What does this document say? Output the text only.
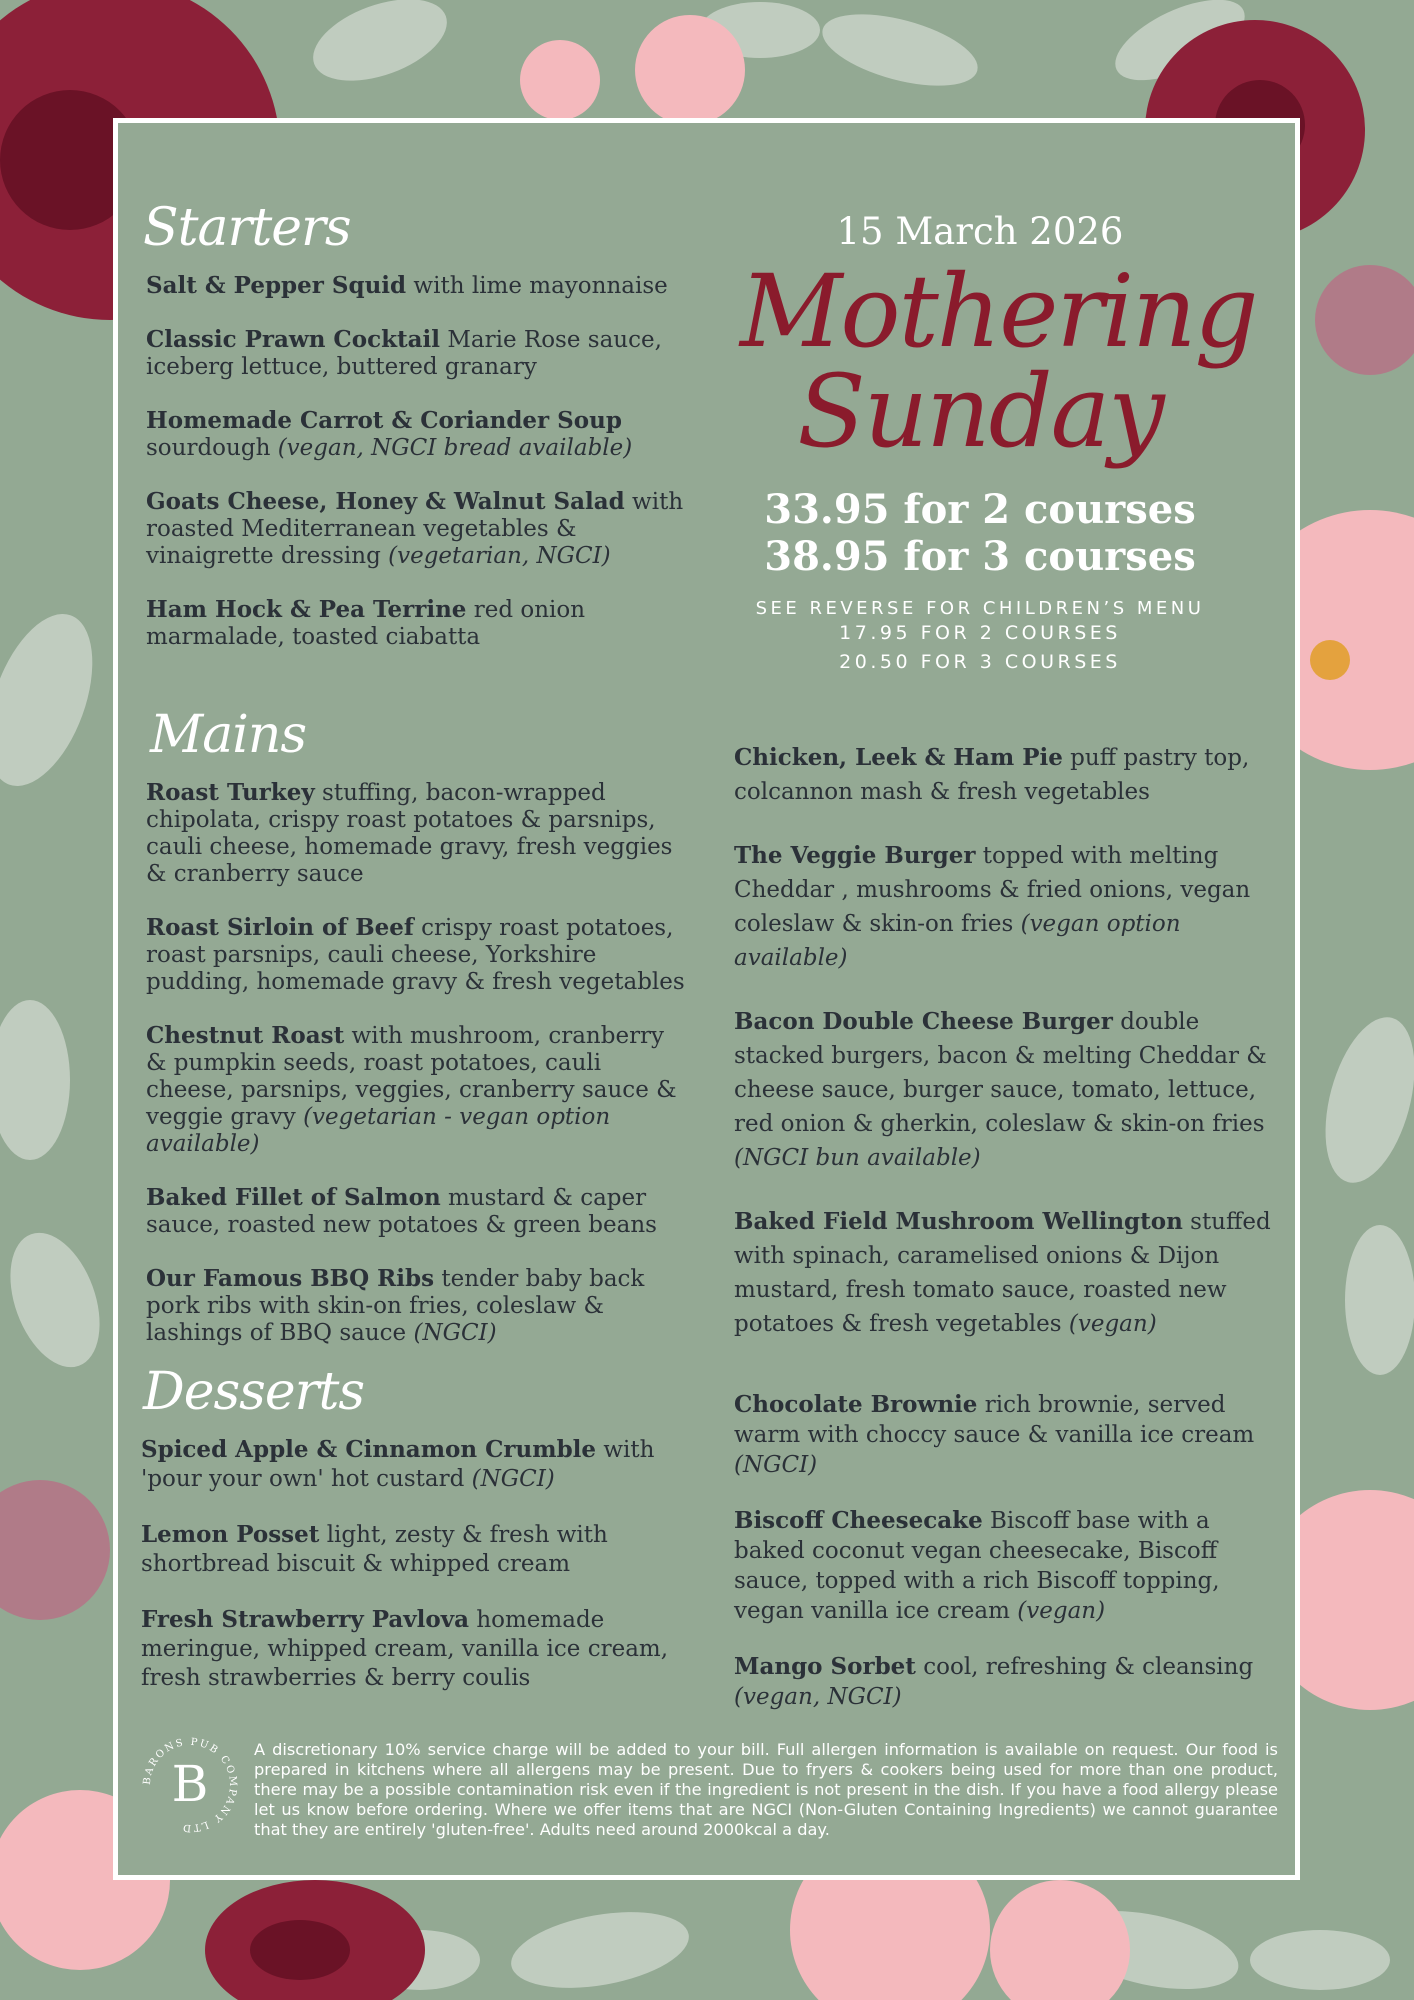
15 March 2026
Mothering
Sunday
33.95 for 2 courses
38.95 for 3 courses
SEE REVERSE FOR CHILDREN’S MENU
17.95 FOR 2 COURSES
20.50 FOR 3 COURSES
Starters
Salt & Pepper Squid with lime mayonnaise
Classic Prawn Cocktail Marie Rose sauce, iceberg lettuce, buttered granary
Homemade Carrot & Coriander Soup sourdough (vegan, NGCI bread available)
Goats Cheese, Honey & Walnut Salad with roasted Mediterranean vegetables & vinaigrette dressing (vegetarian, NGCI)
Ham Hock & Pea Terrine red onion marmalade, toasted ciabatta
Mains
Roast Turkey stuffing, bacon-wrapped chipolata, crispy roast potatoes & parsnips, cauli cheese, homemade gravy, fresh veggies & cranberry sauce
Roast Sirloin of Beef crispy roast potatoes, roast parsnips, cauli cheese, Yorkshire pudding, homemade gravy & fresh vegetables
Chestnut Roast with mushroom, cranberry & pumpkin seeds, roast potatoes, cauli cheese, parsnips, veggies, cranberry sauce & veggie gravy (vegetarian - vegan option available)
Baked Fillet of Salmon mustard & caper sauce, roasted new potatoes & green beans
Our Famous BBQ Ribs tender baby back pork ribs with skin-on fries, coleslaw & lashings of BBQ sauce (NGCI)
Chicken, Leek & Ham Pie puff pastry top, colcannon mash & fresh vegetables
The Veggie Burger topped with melting Cheddar , mushrooms & fried onions, vegan coleslaw & skin-on fries (vegan option available)
Bacon Double Cheese Burger double stacked burgers, bacon & melting Cheddar & cheese sauce, burger sauce, tomato, lettuce, red onion & gherkin, coleslaw & skin-on fries (NGCI bun available)
Baked Field Mushroom Wellington stuffed with spinach, caramelised onions & Dijon mustard, fresh tomato sauce, roasted new potatoes & fresh vegetables (vegan)
Desserts
Spiced Apple & Cinnamon Crumble with 'pour your own' hot custard (NGCI)
Lemon Posset light, zesty & fresh with shortbread biscuit & whipped cream
Fresh Strawberry Pavlova homemade meringue, whipped cream, vanilla ice cream, fresh strawberries & berry coulis
Chocolate Brownie rich brownie, served warm with choccy sauce & vanilla ice cream (NGCI)
Biscoff Cheesecake Biscoff base with a baked coconut vegan cheesecake, Biscoff sauce, topped with a rich Biscoff topping, vegan vanilla ice cream (vegan)
Mango Sorbet cool, refreshing & cleansing (vegan, NGCI)
BARONS PUB COMPANY LTD
B
A discretionary 10% service charge will be added to your bill. Full allergen information is available on request. Our food is prepared in kitchens where all allergens may be present. Due to fryers & cookers being used for more than one product, there may be a possible contamination risk even if the ingredient is not present in the dish. If you have a food allergy please let us know before ordering. Where we offer items that are NGCI (Non-Gluten Containing Ingredients) we cannot guarantee that they are entirely 'gluten-free'. Adults need around 2000kcal a day.
